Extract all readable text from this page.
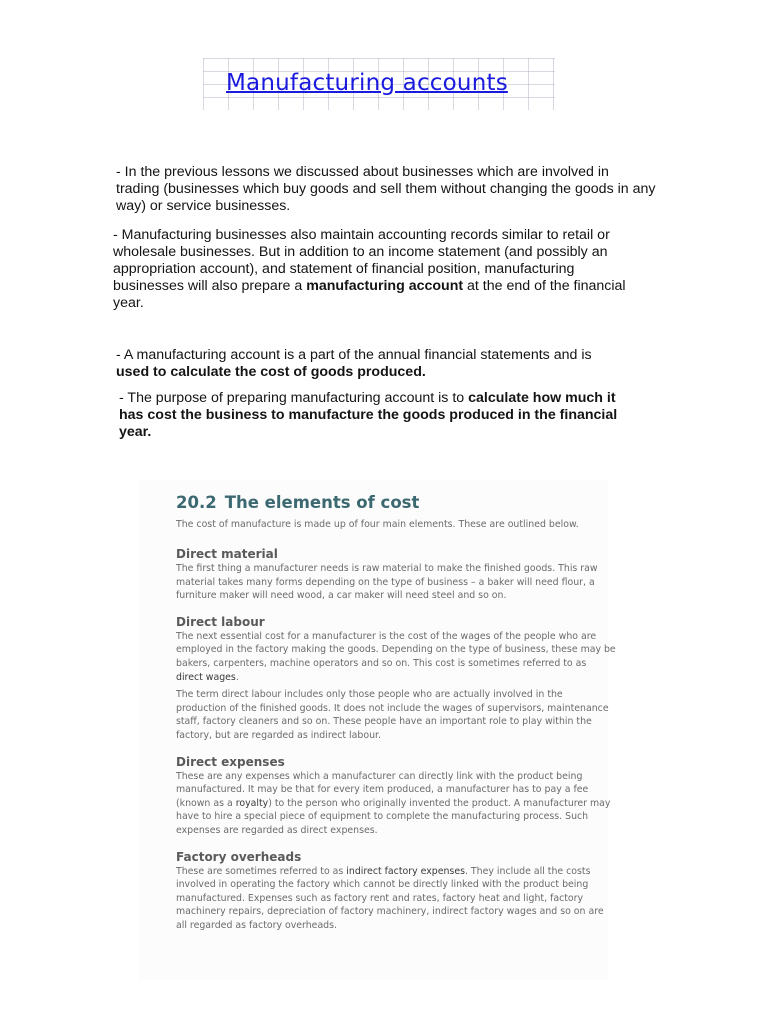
Manufacturing accounts

- In the previous lessons we discussed about businesses which are involved in trading (businesses which buy goods and sell them without changing the goods in any way) or service businesses.

- Manufacturing businesses also maintain accounting records similar to retail or wholesale businesses. But in addition to an income statement (and possibly an appropriation account), and statement of financial position, manufacturing businesses will also prepare a manufacturing account at the end of the financial year.

- A manufacturing account is a part of the annual financial statements and is used to calculate the cost of goods produced.

- The purpose of preparing manufacturing account is to calculate how much it has cost the business to manufacture the goods produced in the financial year.

20.2 The elements of cost

The cost of manufacture is made up of four main elements. These are outlined below.

Direct material

The first thing a manufacturer needs is raw material to make the finished goods. This raw material takes many forms depending on the type of business – a baker will need flour, a furniture maker will need wood, a car maker will need steel and so on.

Direct labour

The next essential cost for a manufacturer is the cost of the wages of the people who are employed in the factory making the goods. Depending on the type of business, these may be bakers, carpenters, machine operators and so on. This cost is sometimes referred to as direct wages.

The term direct labour includes only those people who are actually involved in the production of the finished goods. It does not include the wages of supervisors, maintenance staff, factory cleaners and so on. These people have an important role to play within the factory, but are regarded as indirect labour.

Direct expenses

These are any expenses which a manufacturer can directly link with the product being manufactured. It may be that for every item produced, a manufacturer has to pay a fee (known as a royalty) to the person who originally invented the product. A manufacturer may have to hire a special piece of equipment to complete the manufacturing process. Such expenses are regarded as direct expenses.

Factory overheads

These are sometimes referred to as indirect factory expenses. They include all the costs involved in operating the factory which cannot be directly linked with the product being manufactured. Expenses such as factory rent and rates, factory heat and light, factory machinery repairs, depreciation of factory machinery, indirect factory wages and so on are all regarded as factory overheads.
